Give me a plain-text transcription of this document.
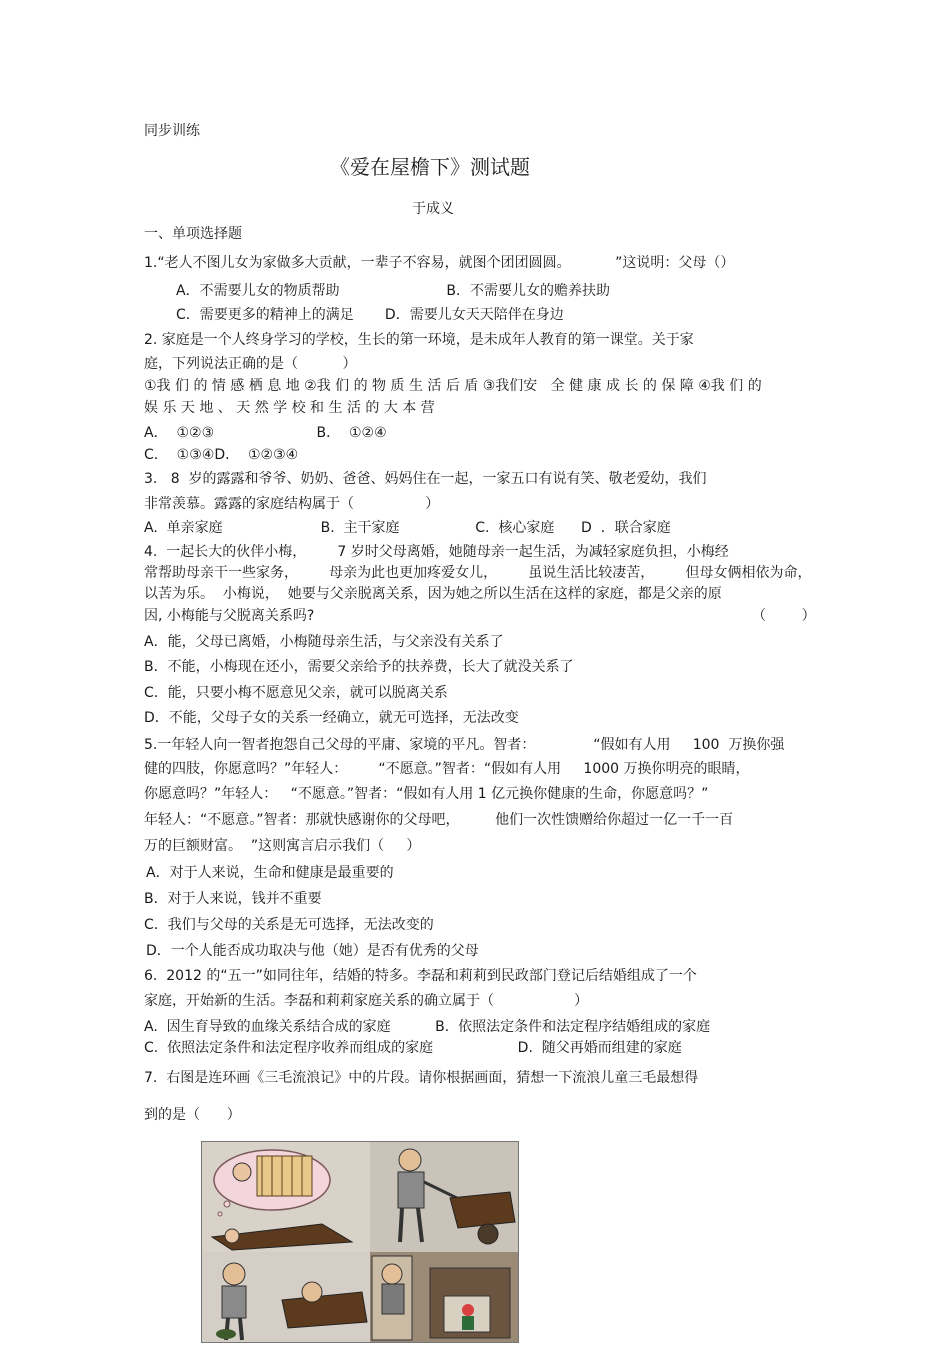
同步训练
《爱在屋檐下》测试题
于成义
一、单项选择题
1.“老人不图儿女为家做多大贡献，一辈子不容易，就图个团团圆圆。          ”这说明：父母（）
A．不需要儿女的物质帮助                        B．不需要儿女的赡养扶助
C．需要更多的精神上的满足       D．需要儿女天天陪伴在身边
2. 家庭是一个人终身学习的学校，生长的第一环境，是未成年人教育的第一课堂。关于家
庭，下列说法正确的是（          ）
①我 们 的 情 感 栖 息 地 ②我 们 的 物 质 生 活 后 盾 ③我们安   全 健 康 成 长 的 保 障 ④我 们 的
娱 乐 天 地 、 天 然 学 校 和 生 活 的 大 本 营
A．  ①②③                       B．  ①②④
C．  ①③④D．  ①②③④
3.   8  岁的露露和爷爷、奶奶、爸爸、妈妈住在一起，一家五口有说有笑、敬老爱幼，我们
非常羡慕。露露的家庭结构属于（                ）
A.  单亲家庭                      B.  主干家庭                 C.  核心家庭      D  ．联合家庭
4.  一起长大的伙伴小梅，       7 岁时父母离婚，她随母亲一起生活，为减轻家庭负担，小梅经
常帮助母亲干一些家务，       母亲为此也更加疼爱女儿，       虽说生活比较凄苦，       但母女俩相依为命，
以苦为乐。  小梅说，  她要与父亲脱离关系，因为她之所以生活在这样的家庭，都是父亲的原
因, 小梅能与父脱离关系吗?	（        ）
A．能，父母已离婚，小梅随母亲生活，与父亲没有关系了
B．不能，小梅现在还小，需要父亲给予的扶养费，长大了就没关系了
C．能，只要小梅不愿意见父亲，就可以脱离关系
D．不能，父母子女的关系一经确立，就无可选择，无法改变
5.一年轻人向一智者抱怨自己父母的平庸、家境的平凡。智者：             “假如有人用     100  万换你强
健的四肢，你愿意吗？”年轻人：       “不愿意。”智者：“假如有人用     1000 万换你明亮的眼睛，
你愿意吗？”年轻人：   “不愿意。”智者：“假如有人用 1 亿元换你健康的生命，你愿意吗？”
年轻人：“不愿意。”智者：那就快感谢你的父母吧，        他们一次性馈赠给你超过一亿一千一百
万的巨额财富。  ”这则寓言启示我们（     ）
A．对于人来说，生命和健康是最重要的
B．对于人来说，钱并不重要
C．我们与父母的关系是无可选择，无法改变的
D．一个人能否成功取决与他（她）是否有优秀的父母
6.  2012 的“五一”如同往年，结婚的特多。李磊和莉莉到民政部门登记后结婚组成了一个
家庭，开始新的生活。李磊和莉莉家庭关系的确立属于（                  ）
A.  因生育导致的血缘关系结合成的家庭          B.  依照法定条件和法定程序结婚组成的家庭
C.  依照法定条件和法定程序收养而组成的家庭                   D.  随父再婚而组建的家庭
7.  右图是连环画《三毛流浪记》中的片段。请你根据画面，猜想一下流浪儿童三毛最想得
到的是（      ）
